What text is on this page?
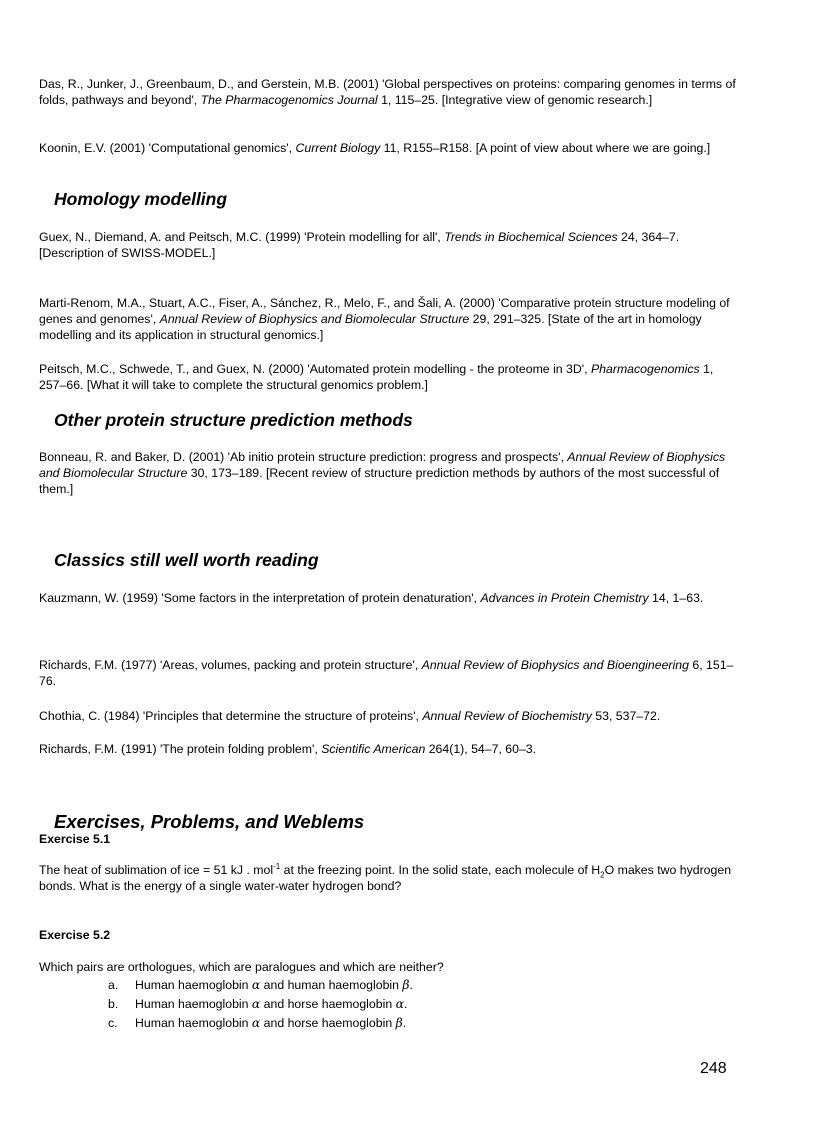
Das, R., Junker, J., Greenbaum, D., and Gerstein, M.B. (2001) 'Global perspectives on proteins: comparing genomes in terms of folds, pathways and beyond', The Pharmacogenomics Journal 1, 115–25. [Integrative view of genomic research.]

Koonin, E.V. (2001) 'Computational genomics', Current Biology 11, R155–R158. [A point of view about where we are going.]

Homology modelling

Guex, N., Diemand, A. and Peitsch, M.C. (1999) 'Protein modelling for all', Trends in Biochemical Sciences 24, 364–7. [Description of SWISS-MODEL.]

Marti-Renom, M.A., Stuart, A.C., Fiser, A., Sánchez, R., Melo, F., and Šali, A. (2000) 'Comparative protein structure modeling of genes and genomes', Annual Review of Biophysics and Biomolecular Structure 29, 291–325. [State of the art in homology modelling and its application in structural genomics.]

Peitsch, M.C., Schwede, T., and Guex, N. (2000) 'Automated protein modelling - the proteome in 3D', Pharmacogenomics 1, 257–66. [What it will take to complete the structural genomics problem.]

Other protein structure prediction methods

Bonneau, R. and Baker, D. (2001) 'Ab initio protein structure prediction: progress and prospects', Annual Review of Biophysics and Biomolecular Structure 30, 173–189. [Recent review of structure prediction methods by authors of the most successful of them.]

Classics still well worth reading

Kauzmann, W. (1959) 'Some factors in the interpretation of protein denaturation', Advances in Protein Chemistry 14, 1–63.

Richards, F.M. (1977) 'Areas, volumes, packing and protein structure', Annual Review of Biophysics and Bioengineering 6, 151–76.

Chothia, C. (1984) 'Principles that determine the structure of proteins', Annual Review of Biochemistry 53, 537–72.

Richards, F.M. (1991) 'The protein folding problem', Scientific American 264(1), 54–7, 60–3.

Exercises, Problems, and Weblems

Exercise 5.1

The heat of sublimation of ice = 51 kJ . mol$^{-1}$ at the freezing point. In the solid state, each molecule of $H_2O$ makes two hydrogen bonds. What is the energy of a single water-water hydrogen bond?

Exercise 5.2

Which pairs are orthologues, which are paralogues and which are neither?

a.	Human haemoglobin α and human haemoglobin β.
b.	Human haemoglobin α and horse haemoglobin α.
c.	Human haemoglobin α and horse haemoglobin β.

248
